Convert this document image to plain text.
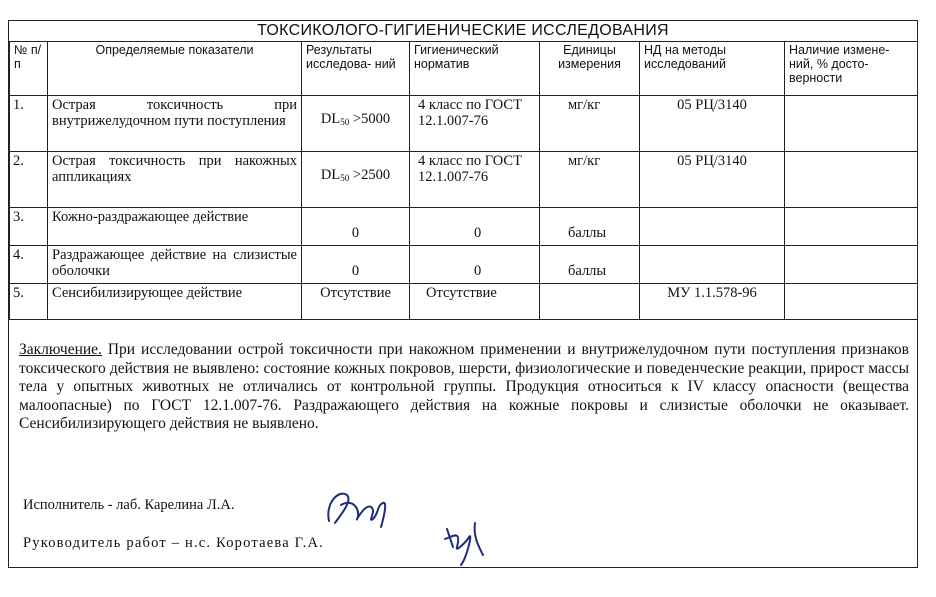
ТОКСИКОЛОГО-ГИГИЕНИЧЕСКИЕ ИССЛЕДОВАНИЯ
№ п/ п	Определяемые показатели	Результаты исследова- ний	Гигиенический норматив	Единицы измерения	НД на методы исследований	Наличие измене- ний, % досто- верности
1.	Острая токсичность при внутрижелудочном пути поступления	$DL_{50} >5000$	4 класс по ГОСТ 12.1.007-76	мг/кг	05 РЦ/3140	
2.	Острая токсичность при накожных аппликациях	$DL_{50} >2500$	4 класс по ГОСТ 12.1.007-76	мг/кг	05 РЦ/3140	
3.	Кожно-раздражающее действие	0	0	баллы		

4.	Раздражающее действие на слизистые оболочки	0	0	баллы		

5.	Сенсибилизирующее действие	Отсутствие	Отсутствие		МУ 1.1.578-96	
Заключение. При исследовании острой токсичности при накожном применении и внутрижелудочном пути поступления признаков токсического действия не выявлено: состояние кожных покровов, шерсти, физиологические и поведенческие реакции, прирост массы тела у опытных животных не отличались от контрольной группы. Продукция относиться к IV классу опасности (вещества малоопасные) по ГОСТ 12.1.007-76. Раздражающего действия на кожные покровы и слизистые оболочки не оказывает. Сенсибилизирующего действия не выявлено.
Исполнитель - лаб. Карелина Л.А.
Руководитель работ – н.с. Коротаева Г.А.
